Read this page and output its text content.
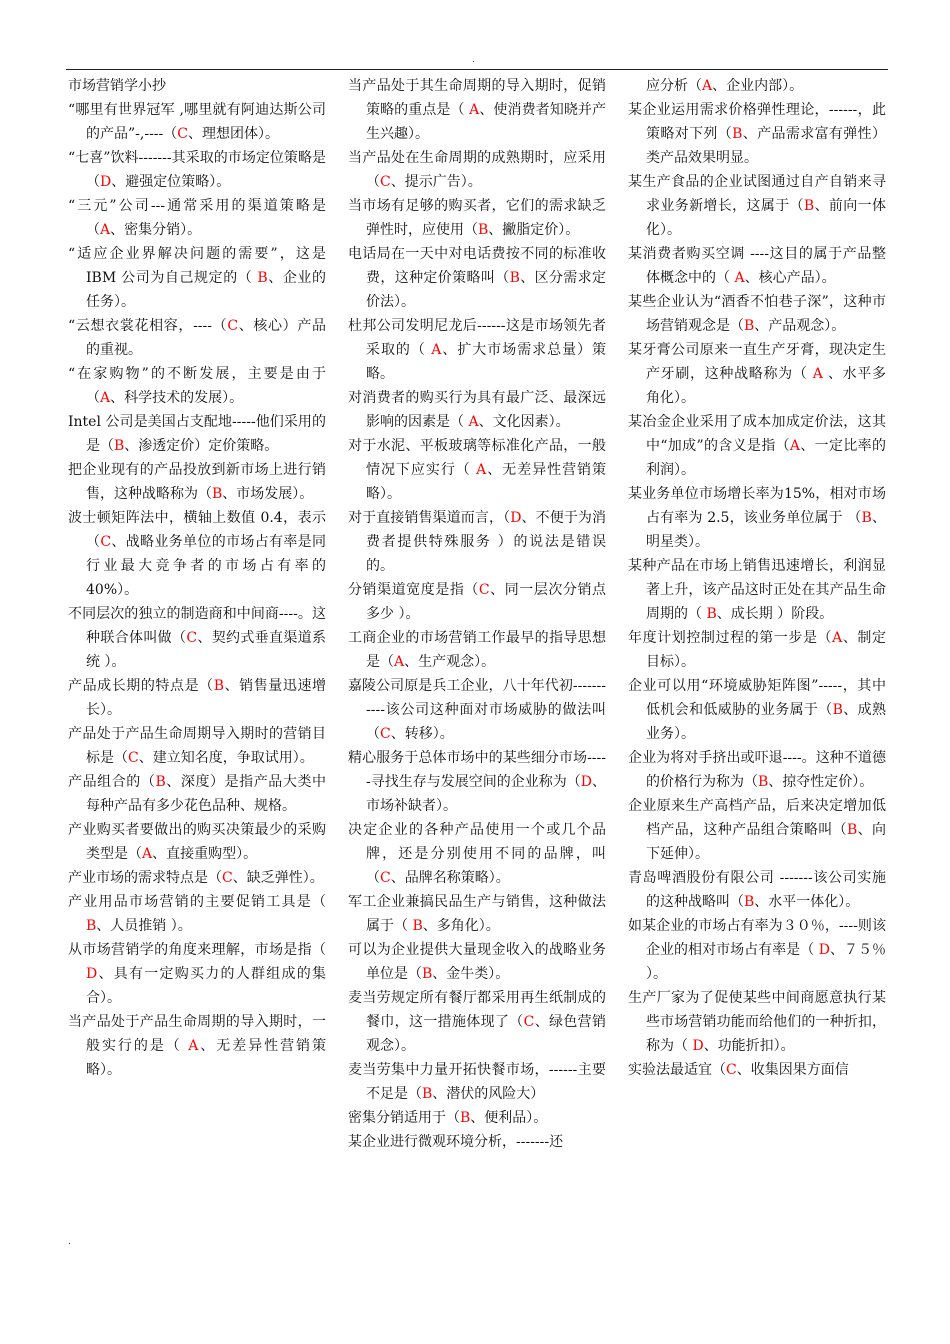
.
市场营销学小抄
“哪里有世界冠军 ,哪里就有阿迪达斯公司的产品”-,----（C、理想团体）。
“七喜”饮料-------其采取的市场定位策略是（D、避强定位策略）。
“三元”公司---通常采用的渠道策略是（A、密集分销）。
“适应企业界解决问题的需要”，这是 IBM 公司为自己规定的（ B、企业的任务）。
“云想衣裳花相容，----（C、核心）产品的重视。
“在家购物”的不断发展，主要是由于（A、科学技术的发展）。
Intel 公司是美国占支配地-----他们采用的是（B、渗透定价）定价策略。
把企业现有的产品投放到新市场上进行销售，这种战略称为（B、市场发展）。
波士顿矩阵法中，横轴上数值 0.4，表示（C、战略业务单位的市场占有率是同行业最大竞争者的市场占有率的 40%）。
不同层次的独立的制造商和中间商----。这种联合体叫做（C、契约式垂直渠道系统 ）。
产品成长期的特点是（B、销售量迅速增长）。
产品处于产品生命周期导入期时的营销目标是（C、建立知名度，争取试用）。
产品组合的（B、深度）是指产品大类中每种产品有多少花色品种、规格。
产业购买者要做出的购买决策最少的采购类型是（A、直接重购型）。
产业市场的需求特点是（C、缺乏弹性）。
产业用品市场营销的主要促销工具是（ B、人员推销 ）。
从市场营销学的角度来理解，市场是指（ D、具有一定购买力的人群组成的集合）。
当产品处于产品生命周期的导入期时，一般实行的是（ A、无差异性营销策略）。
当产品处于其生命周期的导入期时，促销策略的重点是（ A、使消费者知晓并产生兴趣）。
当产品处在生命周期的成熟期时，应采用（C、提示广告）。
当市场有足够的购买者，它们的需求缺乏弹性时，应使用（B、撇脂定价）。
电话局在一天中对电话费按不同的标准收费，这种定价策略叫（B、区分需求定价法）。
杜邦公司发明尼龙后------这是市场领先者采取的（ A、扩大市场需求总量）策略。
对消费者的购买行为具有最广泛、最深远影响的因素是（ A、文化因素）。
对于水泥、平板玻璃等标准化产品，一般情况下应实行（ A、无差异性营销策略）。
对于直接销售渠道而言，（D、不便于为消费者提供特殊服务 ）的说法是错误的。
分销渠道宽度是指（C、同一层次分销点多少 ）。
工商企业的市场营销工作最早的指导思想是（A、生产观念）。
嘉陵公司原是兵工企业，八十年代初-----------该公司这种面对市场威胁的做法叫（C、转移）。
精心服务于总体市场中的某些细分市场-----寻找生存与发展空间的企业称为（D、市场补缺者）。
决定企业的各种产品使用一个或几个品牌，还是分别使用不同的品牌，叫（C、品牌名称策略）。
军工企业兼搞民品生产与销售，这种做法属于（ B、多角化）。
可以为企业提供大量现金收入的战略业务单位是（B、金牛类）。
麦当劳规定所有餐厅都采用再生纸制成的餐巾，这一措施体现了（C、绿色营销观念）。
麦当劳集中力量开拓快餐市场，------主要不足是（B、潜伏的风险大）
密集分销适用于（B、便利品）。
某企业进行微观环境分析，-------还
应分析（A、企业内部）。
某企业运用需求价格弹性理论，------，此策略对下列（B、产品需求富有弹性）类产品效果明显。
某生产食品的企业试图通过自产自销来寻求业务新增长，这属于（B、前向一体化）。
某消费者购买空调 ----这目的属于产品整体概念中的（ A、核心产品）。
某些企业认为“酒香不怕巷子深”，这种市场营销观念是（B、产品观念）。
某牙膏公司原来一直生产牙膏，现决定生产牙刷，这种战略称为（ A 、水平多角化）。
某冶金企业采用了成本加成定价法，这其中“加成”的含义是指（A、一定比率的利润）。
某业务单位市场增长率为15%，相对市场占有率为 2.5，该业务单位属于 （B、明星类）。
某种产品在市场上销售迅速增长，利润显著上升，该产品这时正处在其产品生命周期的（ B、成长期 ）阶段。
年度计划控制过程的第一步是（A、制定目标）。
企业可以用“环境威胁矩阵图”-----，其中低机会和低威胁的业务属于（B、成熟业务）。
企业为将对手挤出或吓退----。这种不道德的价格行为称为（B、掠夺性定价）。
企业原来生产高档产品，后来决定增加低档产品，这种产品组合策略叫（B、向下延伸）。
青岛啤酒股份有限公司 -------该公司实施的这种战略叫（B、水平一体化）。
如某企业的市场占有率为３０％，----则该企业的相对市场占有率是（ D、７５％ ）。
生产厂家为了促使某些中间商愿意执行某些市场营销功能而给他们的一种折扣，称为（ D、功能折扣）。
实验法最适宜（C、收集因果方面信
.
